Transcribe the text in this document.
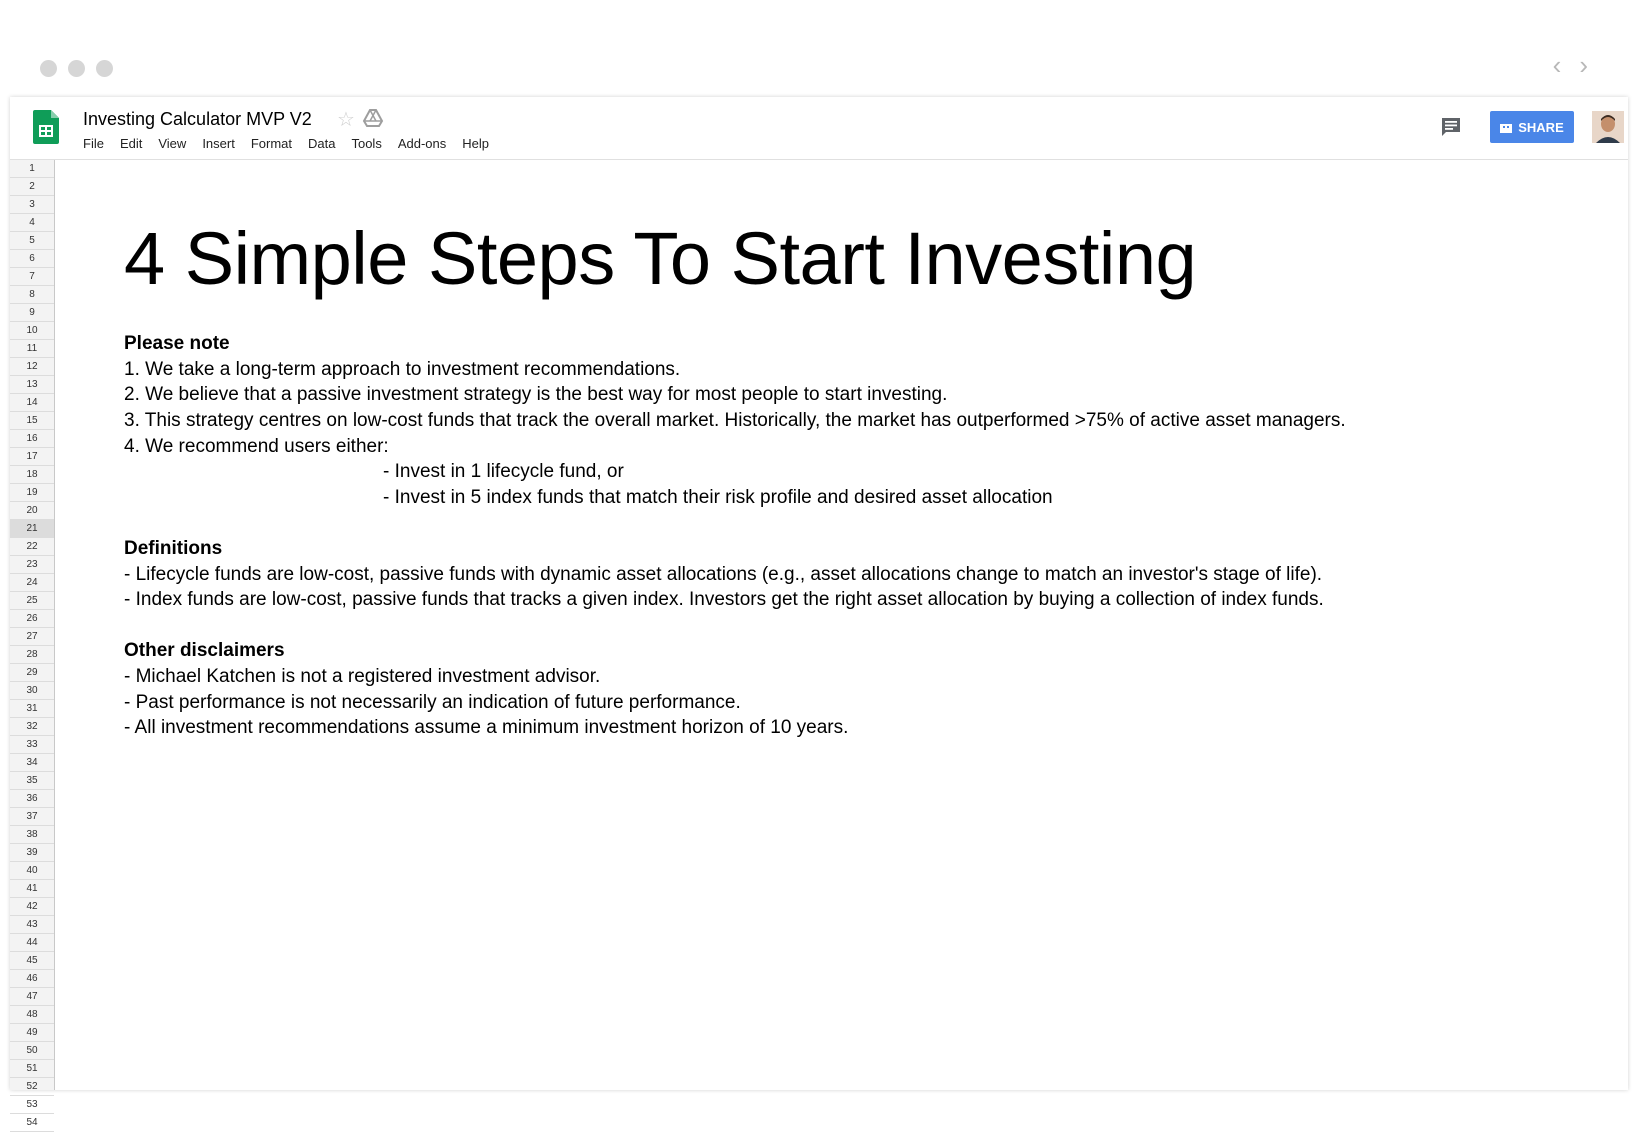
‹ ›
Investing Calculator MVP V2 ☆
File	Edit	View	Insert	Format	Data	Tools	Add-ons	Help
SHARE
1
2
3
4
5
6
7
8
9
10
11
12
13
14
15
16
17
18
19
20
21
22
23
24
25
26
27
28
29
30
31
32
33
34
35
36
37
38
39
40
41
42
43
44
45
46
47
48
49
50
51
52
53
54
4 Simple Steps To Start Investing
Please note
1. We take a long-term approach to investment recommendations.
2. We believe that a passive investment strategy is the best way for most people to start investing.
3. This strategy centres on low-cost funds that track the overall market. Historically, the market has outperformed >75% of active asset managers.
4. We recommend users either:
- Invest in 1 lifecycle fund, or
- Invest in 5 index funds that match their risk profile and desired asset allocation
Definitions
- Lifecycle funds are low-cost, passive funds with dynamic asset allocations (e.g., asset allocations change to match an investor's stage of life).
- Index funds are low-cost, passive funds that tracks a given index. Investors get the right asset allocation by buying a collection of index funds.
Other disclaimers
- Michael Katchen is not a registered investment advisor.
- Past performance is not necessarily an indication of future performance.
- All investment recommendations assume a minimum investment horizon of 10 years.
